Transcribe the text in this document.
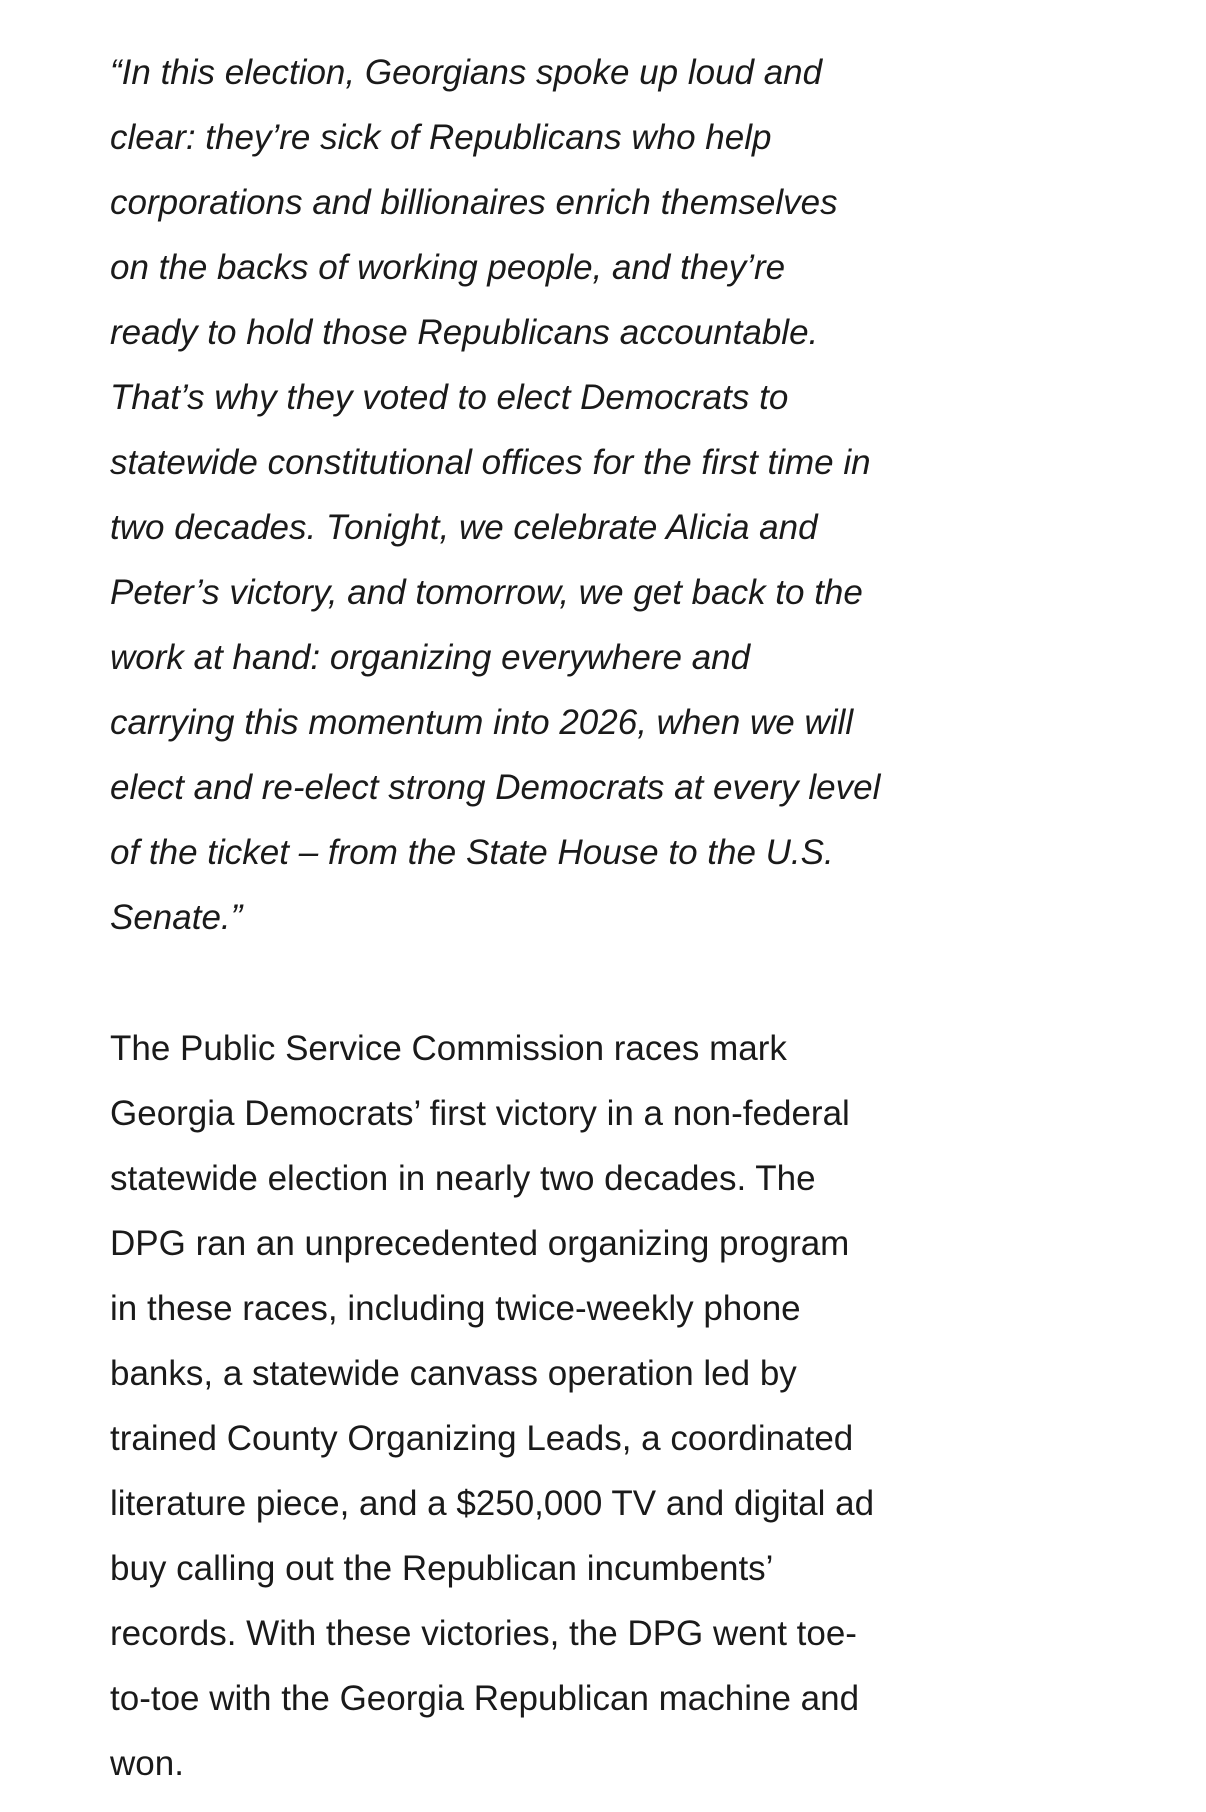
“In this election, Georgians spoke up loud and
clear: they’re sick of Republicans who help
corporations and billionaires enrich themselves
on the backs of working people, and they’re
ready to hold those Republicans accountable.
That’s why they voted to elect Democrats to
statewide constitutional offices for the first time in
two decades. Tonight, we celebrate Alicia and
Peter’s victory, and tomorrow, we get back to the
work at hand: organizing everywhere and
carrying this momentum into 2026, when we will
elect and re-elect strong Democrats at every level
of the ticket – from the State House to the U.S.
Senate.”

The Public Service Commission races mark
Georgia Democrats’ first victory in a non-federal
statewide election in nearly two decades. The
DPG ran an unprecedented organizing program
in these races, including twice-weekly phone
banks, a statewide canvass operation led by
trained County Organizing Leads, a coordinated
literature piece, and a $250,000 TV and digital ad
buy calling out the Republican incumbents’
records. With these victories, the DPG went toe-
to-toe with the Georgia Republican machine and
won.
